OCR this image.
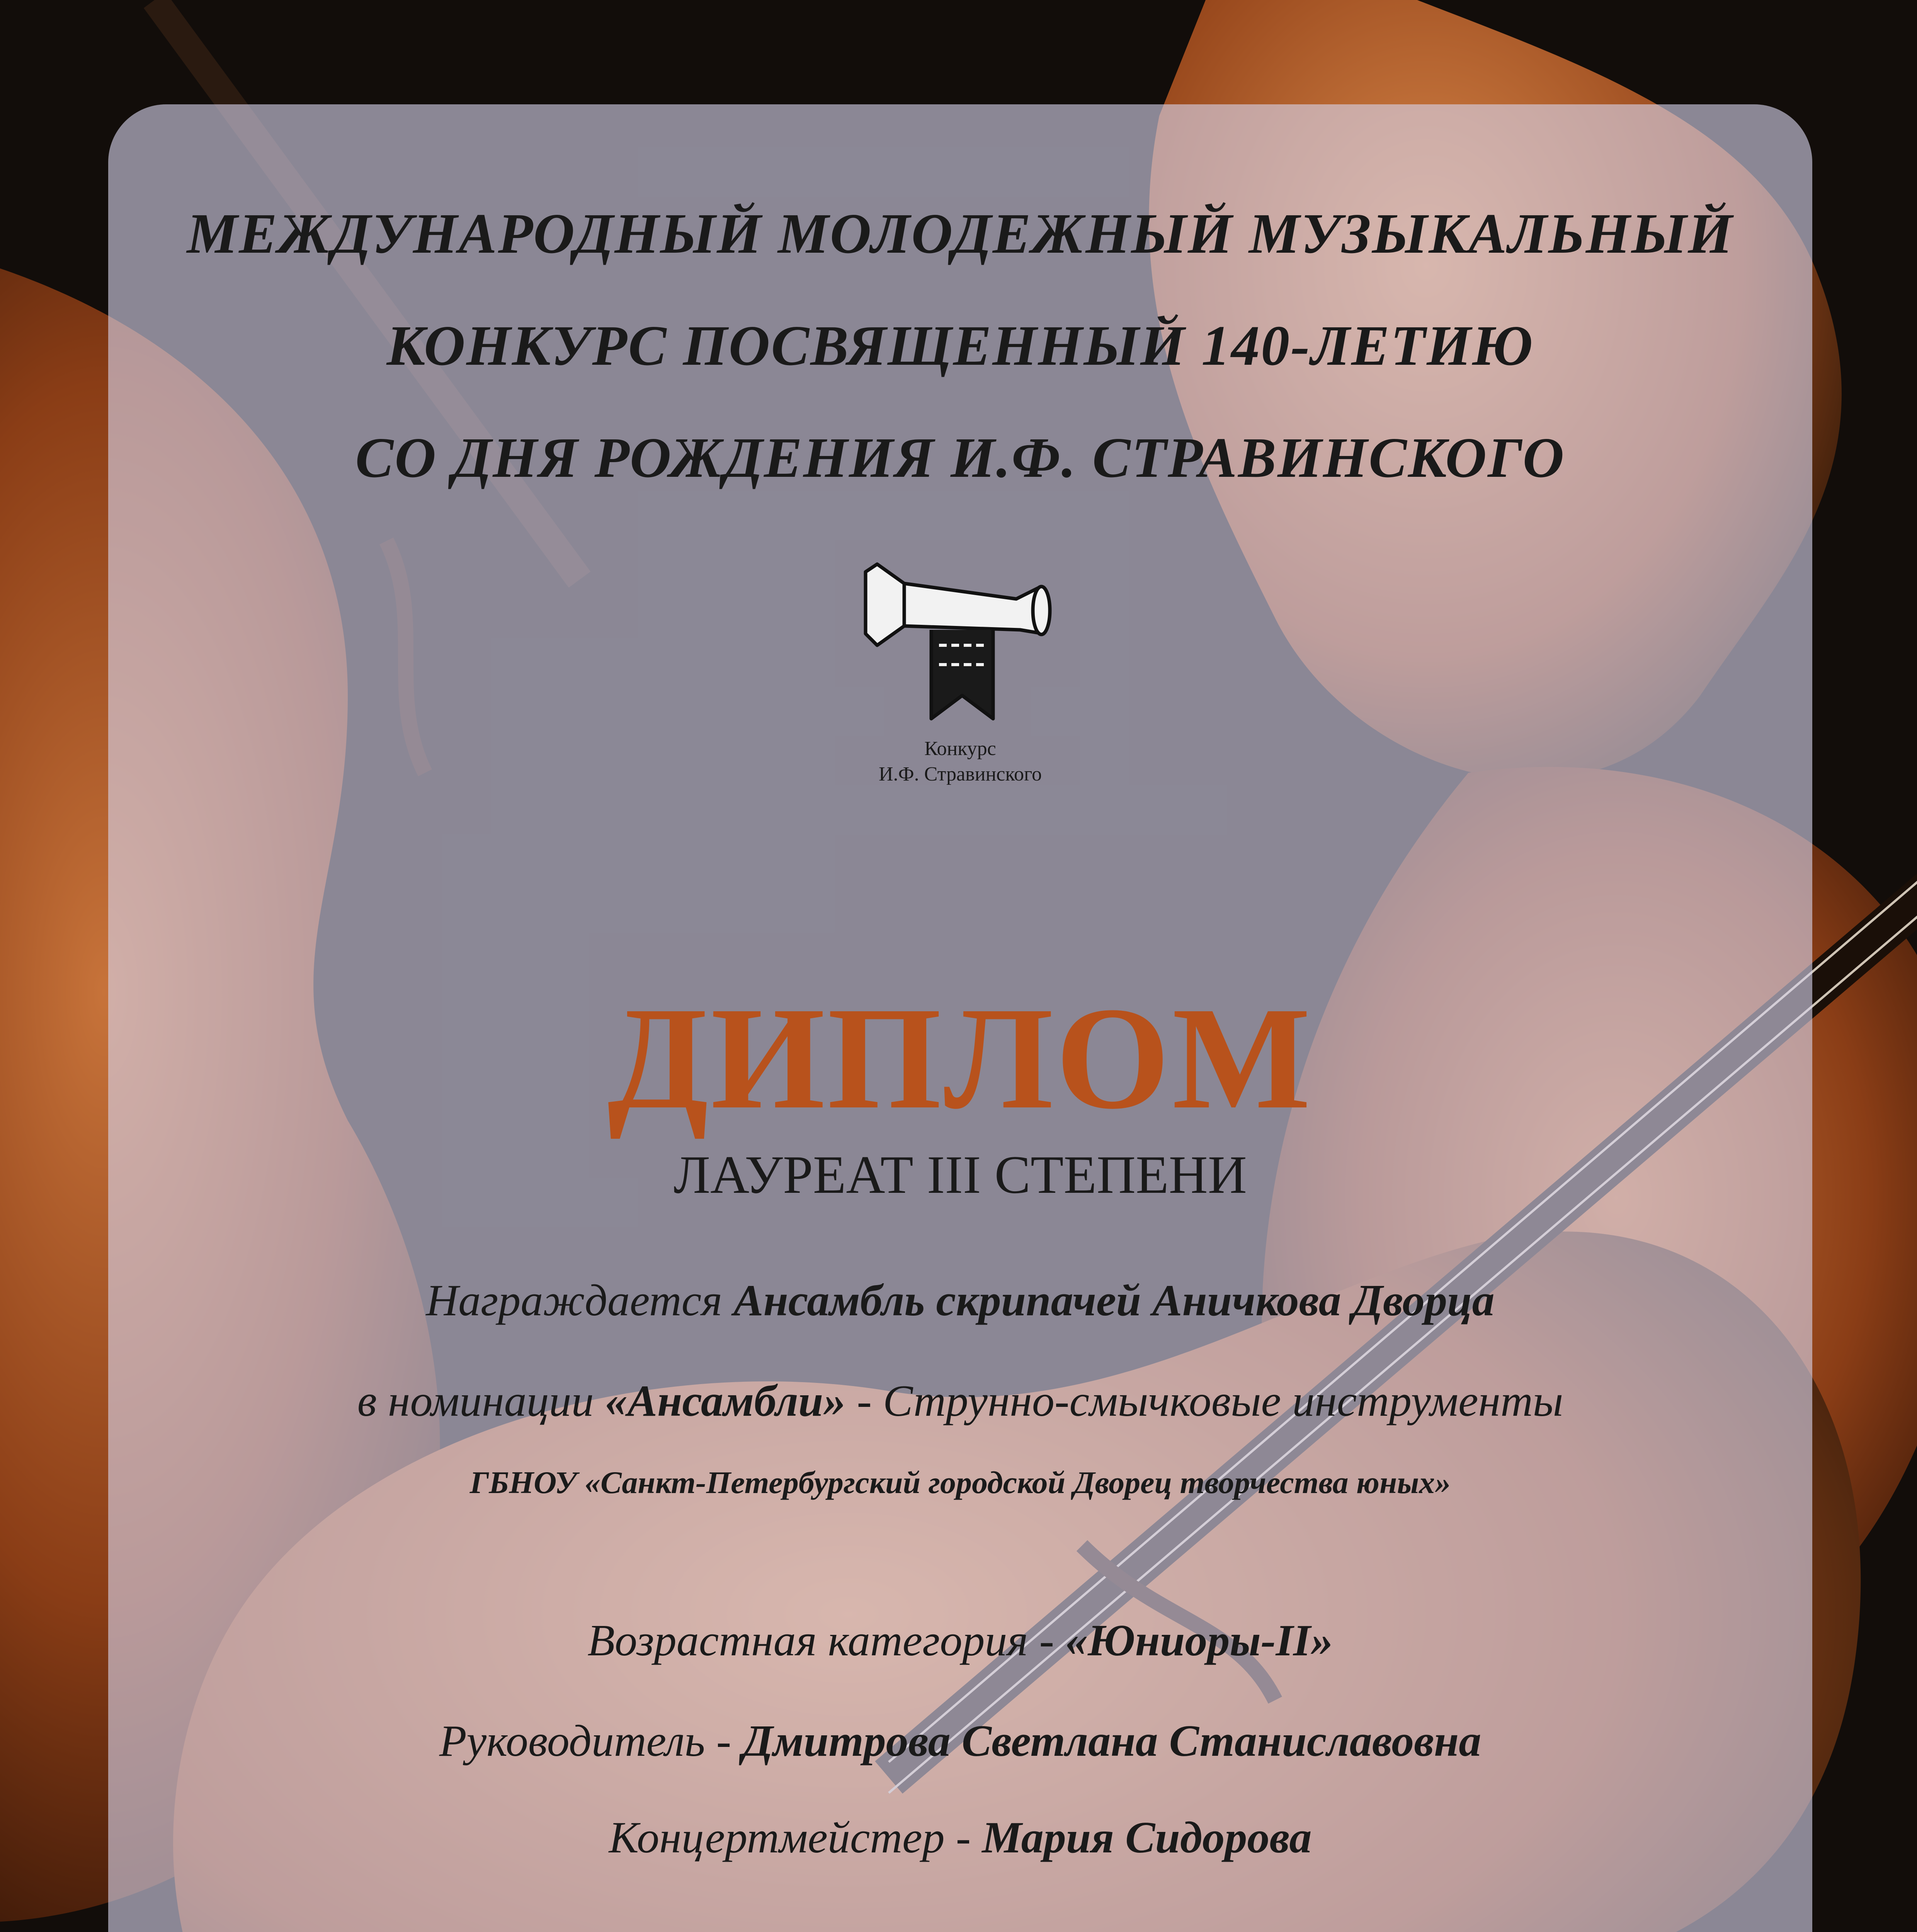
МЕЖДУНАРОДНЫЙ МОЛОДЕЖНЫЙ МУЗЫКАЛЬНЫЙ
КОНКУРС ПОСВЯЩЕННЫЙ 140-ЛЕТИЮ
СО ДНЯ РОЖДЕНИЯ И.Ф. СТРАВИНСКОГО
Конкурс
И.Ф. Стравинского
ДИПЛОМ
ЛАУРЕАТ III СТЕПЕНИ
Награждается Ансамбль скрипачей Аничкова Дворца
в номинации «Ансамбли» - Струнно-смычковые инструменты
ГБНОУ «Санкт-Петербургский городской Дворец творчества юных»
Возрастная категория - «Юниоры-II»
Руководитель - Дмитрова Светлана Станиславовна
Концертмейстер - Мария Сидорова
